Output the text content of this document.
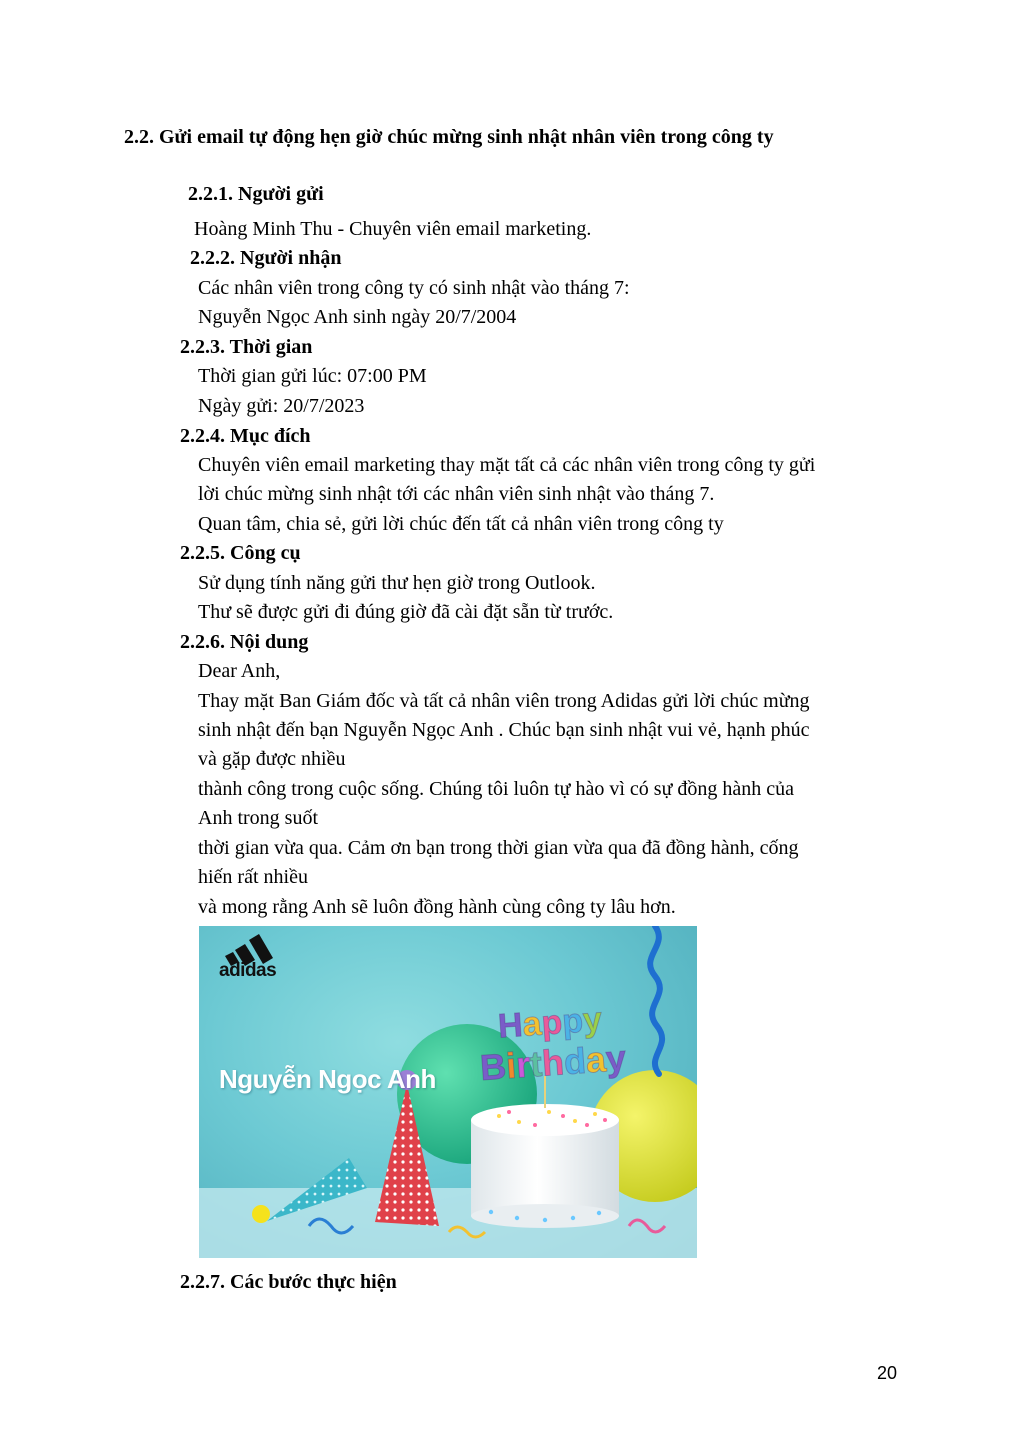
2.2. Gửi email tự động hẹn giờ chúc mừng sinh nhật nhân viên trong công ty
2.2.1. Người gửi
Hoàng Minh Thu - Chuyên viên email marketing.
2.2.2. Người nhận
Các nhân viên trong công ty có sinh nhật vào tháng 7:
Nguyễn Ngọc Anh sinh ngày 20/7/2004
2.2.3. Thời gian
Thời gian gửi lúc: 07:00 PM
Ngày gửi: 20/7/2023
2.2.4. Mục đích
Chuyên viên email marketing thay mặt tất cả các nhân viên trong công ty gửi
lời chúc mừng sinh nhật tới các nhân viên sinh nhật vào tháng 7.
Quan tâm, chia sẻ, gửi lời chúc đến tất cả nhân viên trong công ty
2.2.5. Công cụ
Sử dụng tính năng gửi thư hẹn giờ trong Outlook.
Thư sẽ được gửi đi đúng giờ đã cài đặt sẵn từ trước.
2.2.6. Nội dung
Dear Anh,
Thay mặt Ban Giám đốc và tất cả nhân viên trong Adidas gửi lời chúc mừng
sinh nhật đến bạn Nguyễn Ngọc Anh . Chúc bạn sinh nhật vui vẻ, hạnh phúc
và gặp được nhiều
thành công trong cuộc sống. Chúng tôi luôn tự hào vì có sự đồng hành của
Anh trong suốt
thời gian vừa qua. Cảm ơn bạn trong thời gian vừa qua đã đồng hành, cống
hiến rất nhiều
và mong rằng Anh sẽ luôn đồng hành cùng công ty lâu hơn.
adidas
Happy
Birthday
Nguyễn Ngọc Anh
2.2.7. Các bước thực hiện
20
